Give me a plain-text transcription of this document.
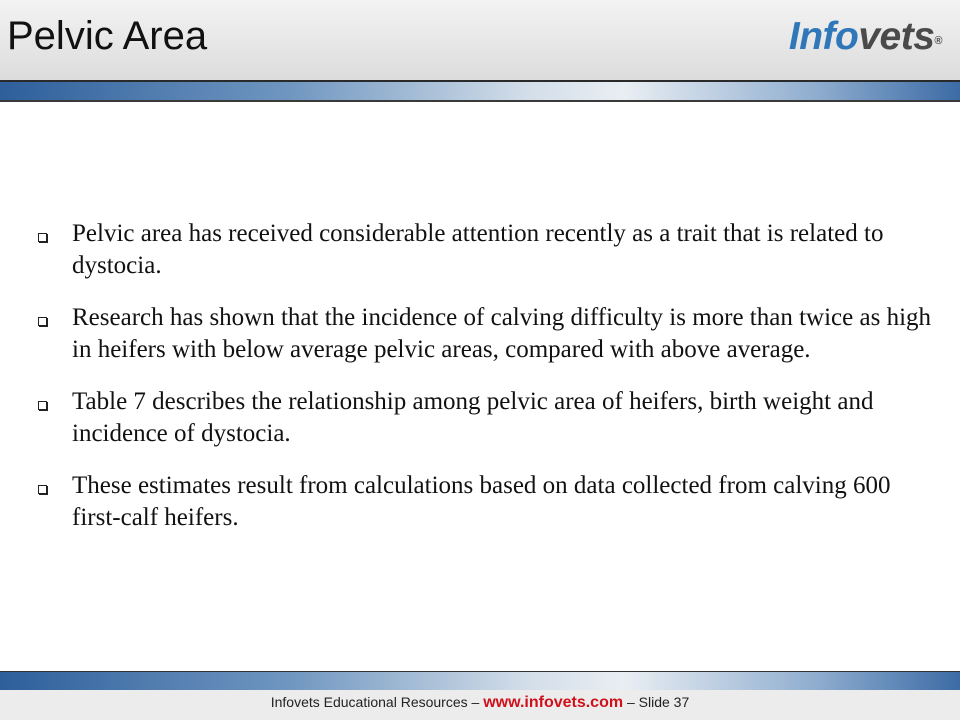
Pelvic Area	Infovets®
Pelvic area has received considerable attention recently as a trait that is related to dystocia.
Research has shown that the incidence of calving difficulty is more than twice as high in heifers with below average pelvic areas, compared with above average.
Table 7 describes the relationship among pelvic area of heifers, birth weight and incidence of dystocia.
These estimates result from calculations based on data collected from calving 600 first-calf heifers.
Infovets Educational Resources – www.infovets.com – Slide 37
